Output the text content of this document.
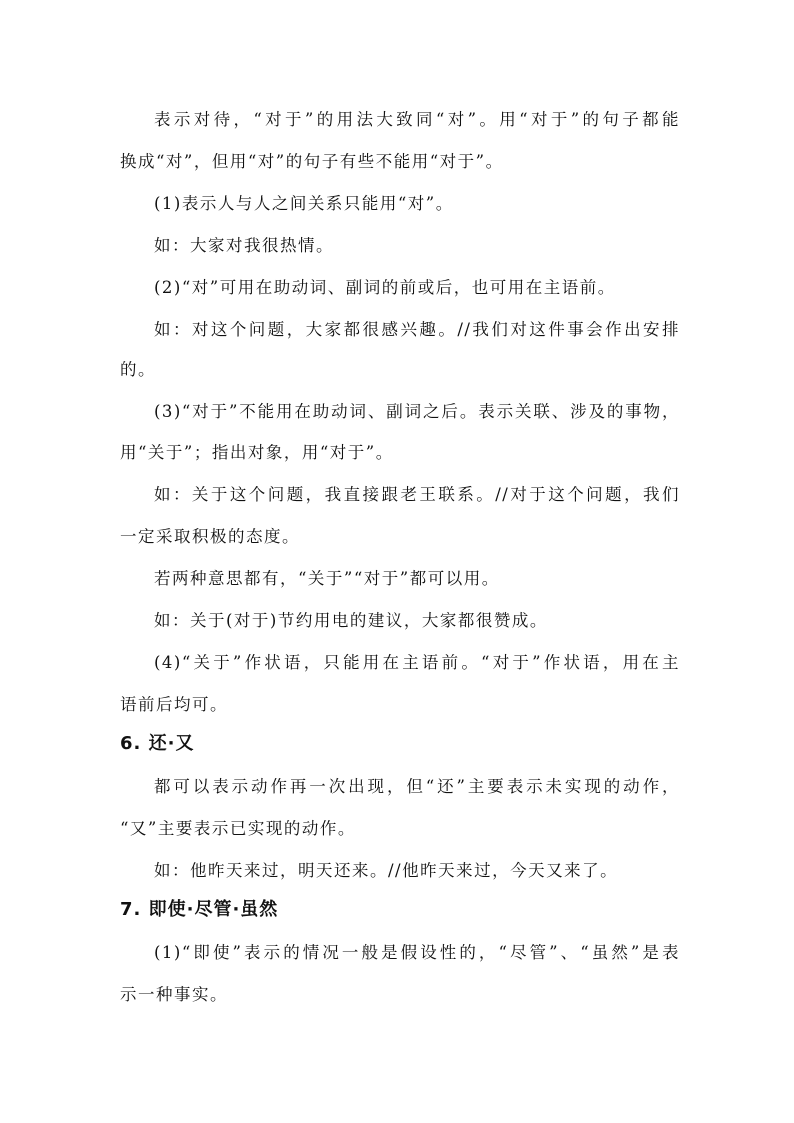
表示对待，“对于”的用法大致同“对”。用“对于”的句子都能
换成“对”，但用“对”的句子有些不能用“对于”。
(1)表示人与人之间关系只能用“对”。
如：大家对我很热情。
(2)“对”可用在助动词、副词的前或后，也可用在主语前。
如：对这个问题，大家都很感兴趣。//我们对这件事会作出安排
的。
(3)“对于”不能用在助动词、副词之后。表示关联、涉及的事物，
用“关于”；指出对象，用“对于”。
如：关于这个问题，我直接跟老王联系。//对于这个问题，我们
一定采取积极的态度。
若两种意思都有，“关于”“对于”都可以用。
如：关于(对于)节约用电的建议，大家都很赞成。
(4)“关于”作状语，只能用在主语前。“对于”作状语，用在主
语前后均可。
6. 还·又
都可以表示动作再一次出现，但“还”主要表示未实现的动作，
“又”主要表示已实现的动作。
如：他昨天来过，明天还来。//他昨天来过，今天又来了。
7. 即使·尽管·虽然
(1)“即使”表示的情况一般是假设性的，“尽管”、“虽然”是表
示一种事实。
